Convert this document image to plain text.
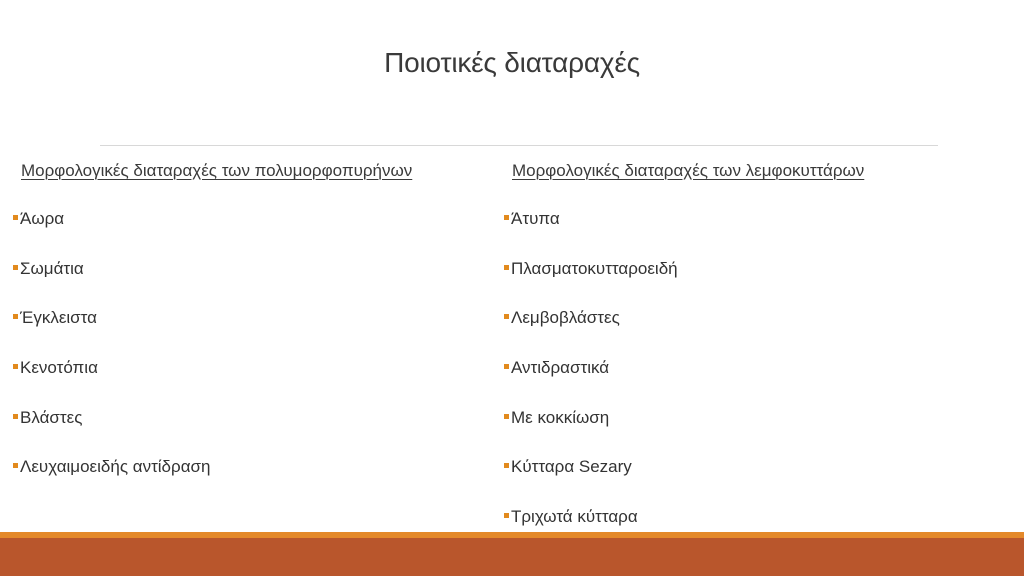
Ποιοτικές διαταραχές

Μορφολογικές διαταραχές των πολυμορφοπυρήνων

Άωρα
Σωμάτια
Έγκλειστα
Κενοτόπια
Βλάστες
Λευχαιμοειδής αντίδραση

Μορφολογικές διαταραχές των λεμφοκυττάρων

Άτυπα
Πλασματοκυτταροειδή
Λεμβοβλάστες
Αντιδραστικά
Με κοκκίωση
Κύτταρα Sezary
Τριχωτά κύτταρα
